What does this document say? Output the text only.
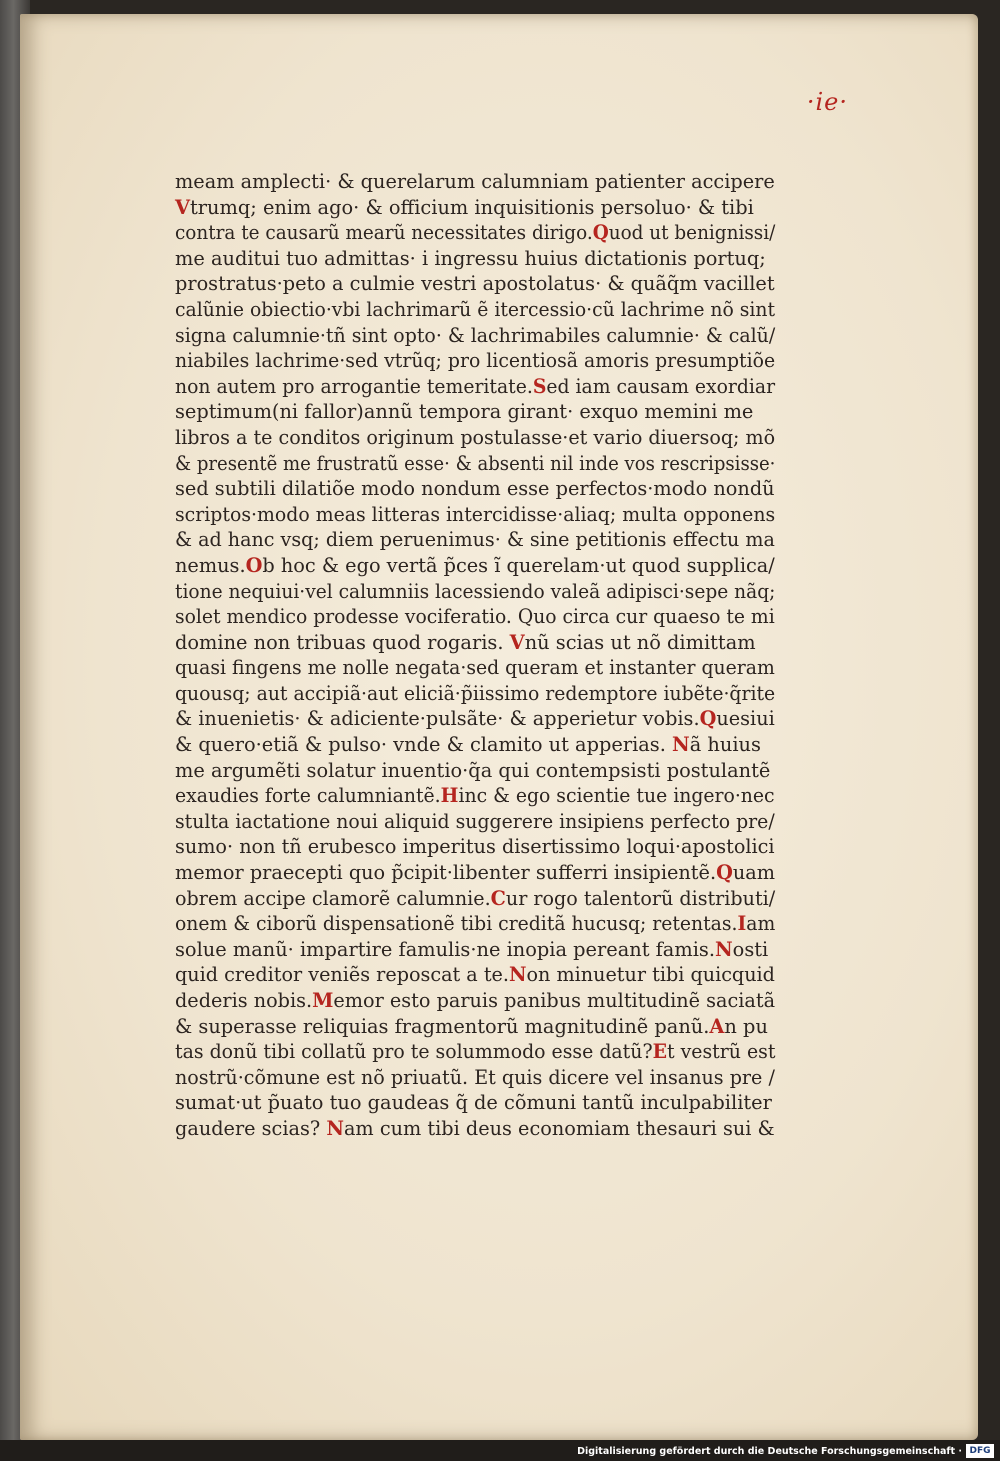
·ie·
meam amplecti· & querelarum calumniam patienter accipere
Vtrumq; enim ago· & officium inquisitionis persoluo· & tibi
contra te causarũ mearũ necessitates dirigo.Quod ut benignissi/
me auditui tuo admittas· i ingressu huius dictationis portuq;
prostratus·peto a culmie vestri apostolatus· & quãq̃m vacillet
calũnie obiectio·vbi lachrimarũ ẽ itercessio·cũ lachrime nõ sint
signa calumnie·tñ sint opto· & lachrimabiles calumnie· & calũ/
niabiles lachrime·sed vtrũq; pro licentiosã amoris presumptiõe
non autem pro arrogantie temeritate.Sed iam causam exordiar
septimum(ni fallor)annũ tempora girant· exquo memini me
libros a te conditos originum postulasse·et vario diuersoq; mõ
& presentẽ me frustratũ esse· & absenti nil inde vos rescripsisse·
sed subtili dilatiõe modo nondum esse perfectos·modo nondũ
scriptos·modo meas litteras intercidisse·aliaq; multa opponens
& ad hanc vsq; diem peruenimus· & sine petitionis effectu ma
nemus.Ob hoc & ego vertã p̃ces ĩ querelam·ut quod supplica/
tione nequiui·vel calumniis lacessiendo valeã adipisci·sepe nãq;
solet mendico prodesse vociferatio. Quo circa cur quaeso te mi
domine non tribuas quod rogaris. Vnũ scias ut nõ dimittam
quasi fingens me nolle negata·sed queram et instanter queram
quousq; aut accipiã·aut eliciã·p̃iissimo redemptore iubẽte·q̃rite
& inuenietis· & adiciente·pulsãte· & apperietur vobis.Quesiui
& quero·etiã & pulso· vnde & clamito ut apperias. Nã huius
me argumẽti solatur inuentio·q̃a qui contempsisti postulantẽ
exaudies forte calumniantẽ.Hinc & ego scientie tue ingero·nec
stulta iactatione noui aliquid suggerere insipiens perfecto pre/
sumo· non tñ erubesco imperitus disertissimo loqui·apostolici
memor praecepti quo p̃cipit·libenter sufferri insipientẽ.Quam
obrem accipe clamorẽ calumnie.Cur rogo talentorũ distributi/
onem & ciborũ dispensationẽ tibi creditã hucusq; retentas.Iam
solue manũ· impartire famulis·ne inopia pereant famis.Nosti
quid creditor veniẽs reposcat a te.Non minuetur tibi quicquid
dederis nobis.Memor esto paruis panibus multitudinẽ saciatã
& superasse reliquias fragmentorũ magnitudinẽ panũ.An pu
tas donũ tibi collatũ pro te solummodo esse datũ?Et vestrũ est
nostrũ·cõmune est nõ priuatũ. Et quis dicere vel insanus pre /
sumat·ut p̃uato tuo gaudeas q̃ de cõmuni tantũ inculpabiliter
gaudere scias? Nam cum tibi deus economiam thesauri sui &
Digitalisierung gefördert durch die Deutsche Forschungsgemeinschaft · DFG
